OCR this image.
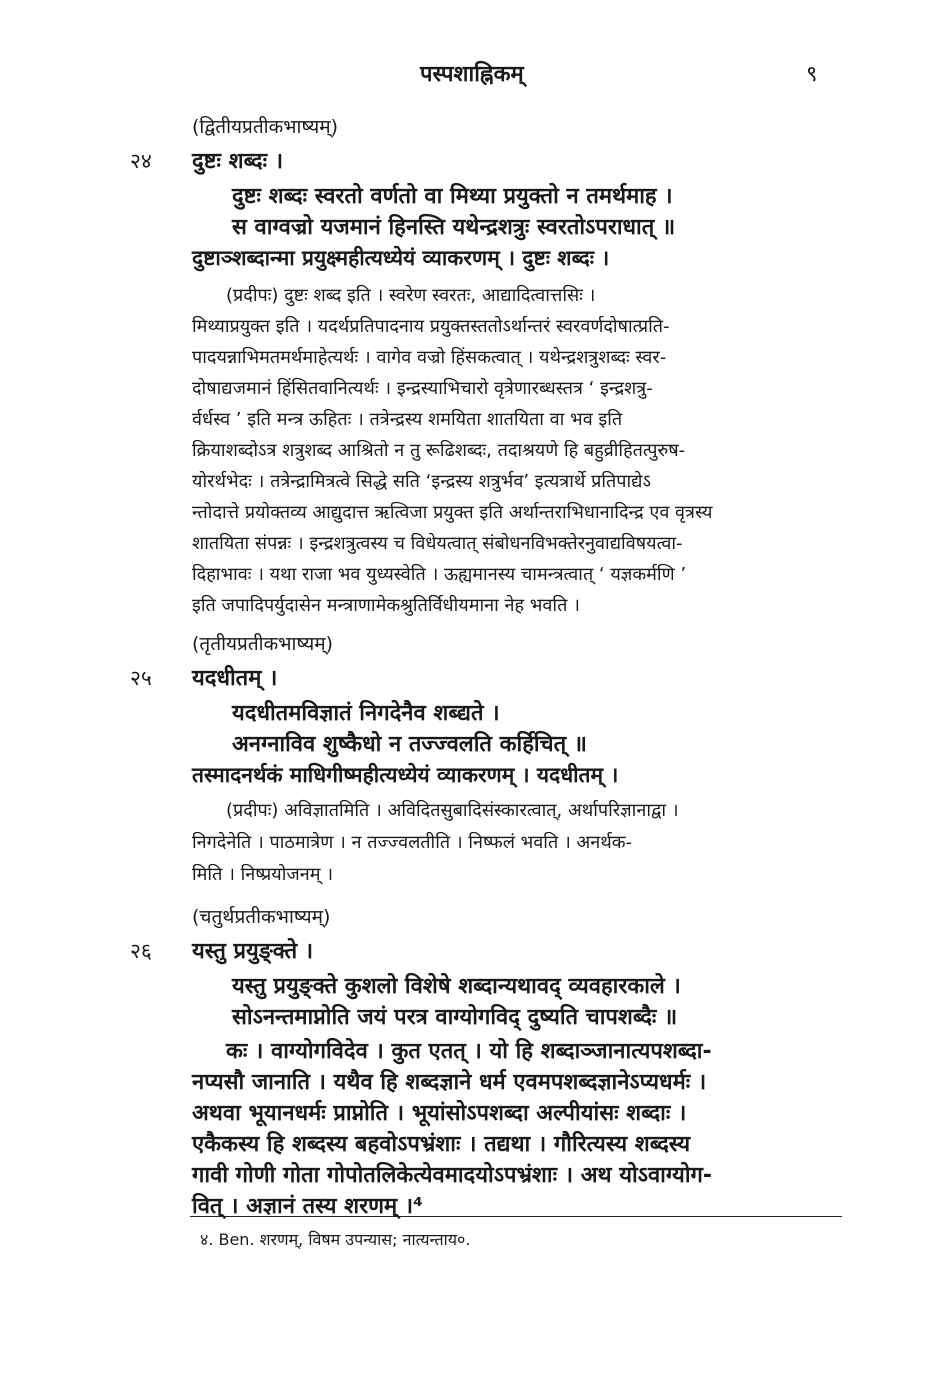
पस्पशाह्निकम्	९
(द्वितीयप्रतीकभाष्यम्)
२४ दुष्टः शब्दः ।
दुष्टः शब्दः स्वरतो वर्णतो वा मिथ्या प्रयुक्तो न तमर्थमाह ।
स वाग्वज्रो यजमानं हिनस्ति यथेन्द्रशत्रुः स्वरतोऽपराधात् ॥
दुष्टाञ्शब्दान्मा प्रयुक्ष्महीत्यध्येयं व्याकरणम् । दुष्टः शब्दः ।
(प्रदीपः) दुष्टः शब्द इति । स्वरेण स्वरतः, आद्यादित्वात्तसिः ।
मिथ्याप्रयुक्त इति । यदर्थप्रतिपादनाय प्रयुक्तस्ततोऽर्थान्तरं स्वरवर्णदोषात्प्रति-
पादयन्नाभिमतमर्थमाहेत्यर्थः । वागेव वज्रो हिंसकत्वात् । यथेन्द्रशत्रुशब्दः स्वर-
दोषाद्यजमानं हिंसितवानित्यर्थः । इन्द्रस्याभिचारो वृत्रेणारब्धस्तत्र ‘ इन्द्रशत्रु-
र्वर्धस्व ’ इति मन्त्र ऊहितः । तत्रेन्द्रस्य शमयिता शातयिता वा भव इति
क्रियाशब्दोऽत्र शत्रुशब्द आश्रितो न तु रूढिशब्दः, तदाश्रयणे हि बहुव्रीहितत्पुरुष-
योरर्थभेदः । तत्रेन्द्रामित्रत्वे सिद्धे सति ‘इन्द्रस्य शत्रुर्भव’ इत्यत्रार्थे प्रतिपाद्येऽ
न्तोदात्ते प्रयोक्तव्य आद्युदात्त ऋत्विजा प्रयुक्त इति अर्थान्तराभिधानादिन्द्र एव वृत्रस्य
शातयिता संपन्नः । इन्द्रशत्रुत्वस्य च विधेयत्वात् संबोधनविभक्तेरनुवाद्यविषयत्वा-
दिहाभावः । यथा राजा भव युध्यस्वेति । ऊह्यमानस्य चामन्त्रत्वात् ‘ यज्ञकर्मणि ’
इति जपादिपर्युदासेन मन्त्राणामेकश्रुतिर्विधीयमाना नेह भवति ।
(तृतीयप्रतीकभाष्यम्)
२५ यदधीतम् ।
यदधीतमविज्ञातं निगदेनैव शब्द्यते ।
अनग्नाविव शुष्कैधो न तज्ज्वलति कर्हिचित् ॥
तस्मादनर्थकं माधिगीष्महीत्यध्येयं व्याकरणम् । यदधीतम् ।
(प्रदीपः) अविज्ञातमिति । अविदितसुबादिसंस्कारत्वात्, अर्थापरिज्ञानाद्वा ।
निगदेनेति । पाठमात्रेण । न तज्ज्वलतीति । निष्फलं भवति । अनर्थक-
मिति । निष्प्रयोजनम् ।
(चतुर्थप्रतीकभाष्यम्)
२६ यस्तु प्रयुङ्क्ते ।
यस्तु प्रयुङ्क्ते कुशलो विशेषे शब्दान्यथावद् व्यवहारकाले ।
सोऽनन्तमाप्नोति जयं परत्र वाग्योगविद् दुष्यति चापशब्दैः ॥
कः । वाग्योगविदेव । कुत एतत् । यो हि शब्दाञ्जानात्यपशब्दा-
नप्यसौ जानाति । यथैव हि शब्दज्ञाने धर्म एवमपशब्दज्ञानेऽप्यधर्मः ।
अथवा भूयानधर्मः प्राप्नोति । भूयांसोऽपशब्दा अल्पीयांसः शब्दाः ।
एकैकस्य हि शब्दस्य बहवोऽपभ्रंशाः । तद्यथा । गौरित्यस्य शब्दस्य
गावी गोणी गोता गोपोतलिकेत्येवमादयोऽपभ्रंशाः । अथ योऽवाग्योग-
वित् । अज्ञानं तस्य शरणम् ।⁴
४. Ben. शरणम्, विषम उपन्यास; नात्यन्ताय०.
